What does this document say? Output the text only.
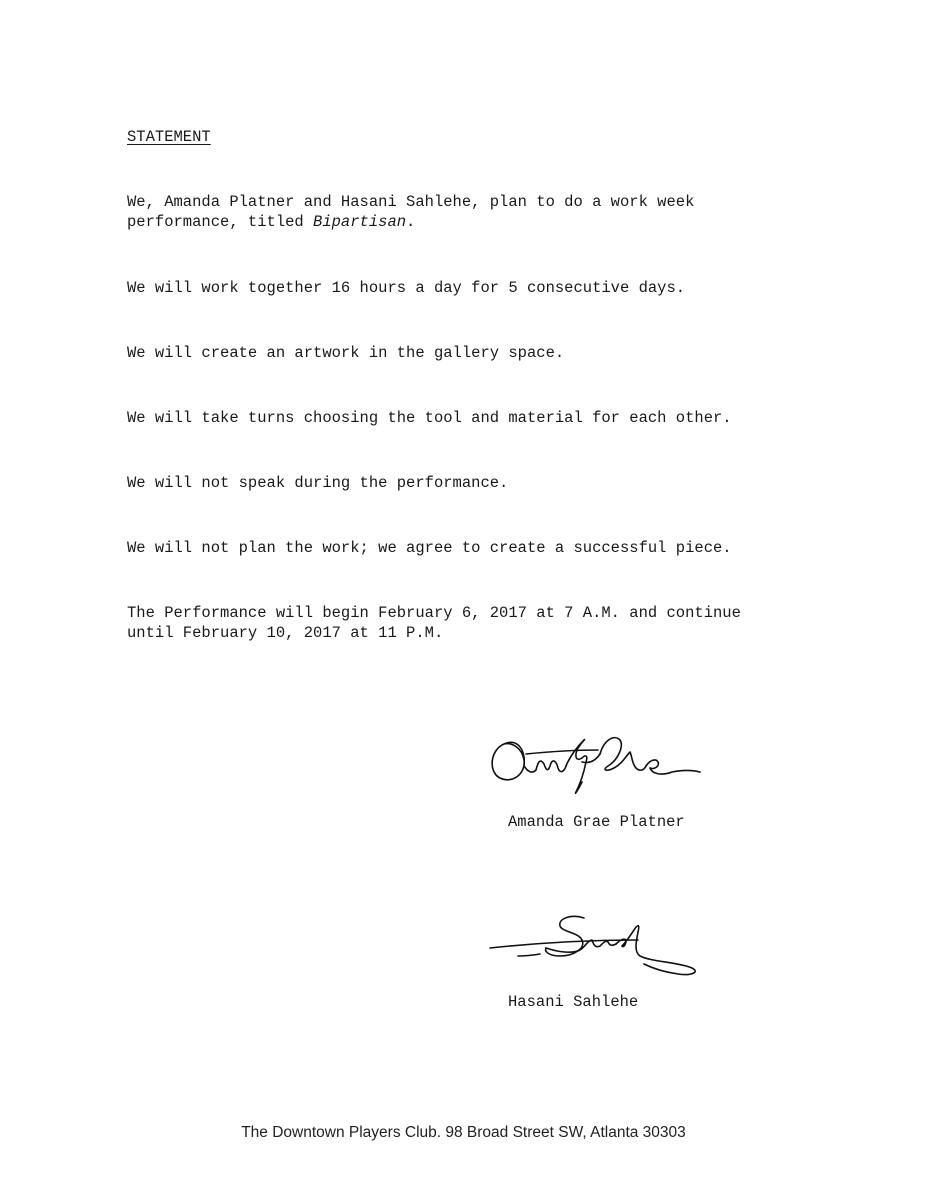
STATEMENT
We, Amanda Platner and Hasani Sahlehe, plan to do a work week
performance, titled Bipartisan.
We will work together 16 hours a day for 5 consecutive days.
We will create an artwork in the gallery space.
We will take turns choosing the tool and material for each other.
We will not speak during the performance.
We will not plan the work; we agree to create a successful piece.
The Performance will begin February 6, 2017 at 7 A.M. and continue
until February 10, 2017 at 11 P.M.
Amanda Grae Platner
Hasani Sahlehe
The Downtown Players Club. 98 Broad Street SW, Atlanta 30303
